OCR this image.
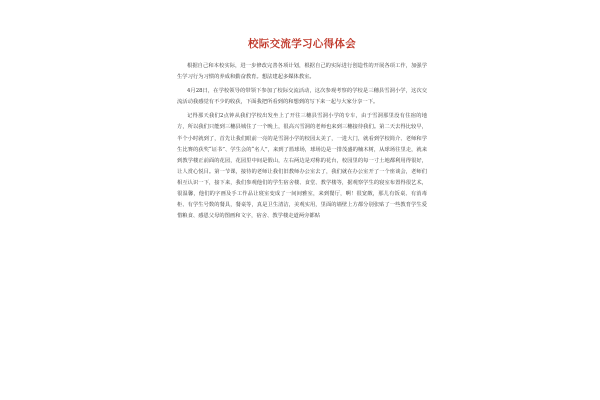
校际交流学习心得体会

根据自己和本校实际，进一步修改完善各项计划，根据自己的实际进行创造性的开展各项工作，加强学生学习行为习惯的养成和勤奋教育。想法建起多媒体教室。

4月28日，在学校领导的带领下参加了校际交流活动，这次参观考察的学校是三穗县雪洞小学，这次交流活动我感觉有不少的收获，下面我把所看到的和想到的写下来一起与大家分享一下。

记得那天我们2点钟从我们学校出发坐上了开往三穗县雪洞小学的专车，由于雪洞那里没有住宿的地方，所以我们只能到三穗县城住了一个晚上，很高兴雪洞的老师也来到三穗接待我们。第二天去得比较早，半个小时就到了，首先让我们眼前一亮的是雪洞小学的校园太美了，一进大门，就看到学校简介、老师和学生比赛的获奖“证书”、学生会的“名人”，来到了篮球场，球场边是一排茂盛的楠木树，从球场往里走，就来到教学楼正前面的花园，花园里中间是假山，左右两边是对称的花台，校园里的每一寸土地都利用得很好，让人赏心悦目。第一节课，接待的老师让我们旧教师办公室去了，我们就在办公室开了一个座谈会，老师们相互认识一下，接下来，我们参观他们的学生宿舍楼、食堂、教学楼等，据观察学生的寝室布置得很艺术，很温馨，他们的字画及手工作品让寝室变成了一间间雅室，来到餐厅，啊！很宽敞，那儿有饭桌、有消毒柜、有学生号数的餐具，餐桌等，真是卫生清洁，美观实用，里面的墙壁上方都分别张贴了一些教育学生爱惜粮食、感恩父母的图画和文字，宿舍、教学楼走道两旁都贴
